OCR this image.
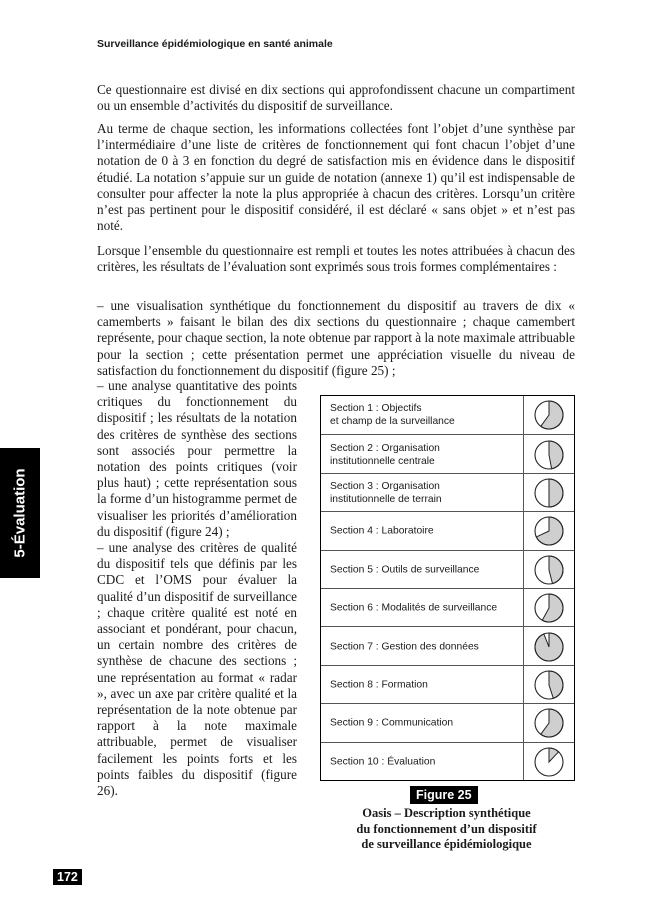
Surveillance épidémiologique en santé animale

Ce questionnaire est divisé en dix sections qui approfondissent chacune un compartiment ou un ensemble d’activités du dispositif de surveillance.

Au terme de chaque section, les informations collectées font l’objet d’une synthèse par l’intermédiaire d’une liste de critères de fonctionnement qui font chacun l’objet d’une notation de 0 à 3 en fonction du degré de satisfaction mis en évidence dans le dispositif étudié. La notation s’appuie sur un guide de notation (annexe 1) qu’il est indispensable de consulter pour affecter la note la plus appropriée à chacun des critères. Lorsqu’un critère n’est pas pertinent pour le dispositif considéré, il est déclaré « sans objet » et n’est pas noté.

Lorsque l’ensemble du questionnaire est rempli et toutes les notes attribuées à chacun des critères, les résultats de l’évaluation sont exprimés sous trois formes complémentaires :

– une visualisation synthétique du fonctionnement du dispositif au travers de dix « camemberts » faisant le bilan des dix sections du questionnaire ; chaque camembert représente, pour chaque section, la note obtenue par rapport à la note maximale attribuable pour la section ; cette présentation permet une appréciation visuelle du niveau de satisfaction du fonctionnement du dispositif (figure 25) ;

– une analyse quantitative des points critiques du fonctionnement du dispositif ; les résultats de la notation des critères de synthèse des sections sont associés pour permettre la notation des points critiques (voir plus haut) ; cette représentation sous la forme d’un histogramme permet de visualiser les priorités d’amélioration du dispositif (figure 24) ;

– une analyse des critères de qualité du dispositif tels que définis par les CDC et l’OMS pour évaluer la qualité d’un dispositif de surveillance ; chaque critère qualité est noté en associant et pondérant, pour chacun, un certain nombre des critères de synthèse de chacune des sections ; une représentation au format « radar », avec un axe par critère qualité et la représentation de la note obtenue par rapport à la note maximale attribuable, permet de visualiser facilement les points forts et les points faibles du dispositif (figure 26).

5-Évaluation
Section 1 : Objectifs
et champ de la surveillance
Section 2 : Organisation
institutionnelle centrale
Section 3 : Organisation
institutionnelle de terrain
Section 4 : Laboratoire
Section 5 : Outils de surveillance
Section 6 : Modalités de surveillance
Section 7 : Gestion des données
Section 8 : Formation
Section 9 : Communication
Section 10 : Évaluation
Figure 25
Oasis – Description synthétique
du fonctionnement d’un dispositif
de surveillance épidémiologique
172
